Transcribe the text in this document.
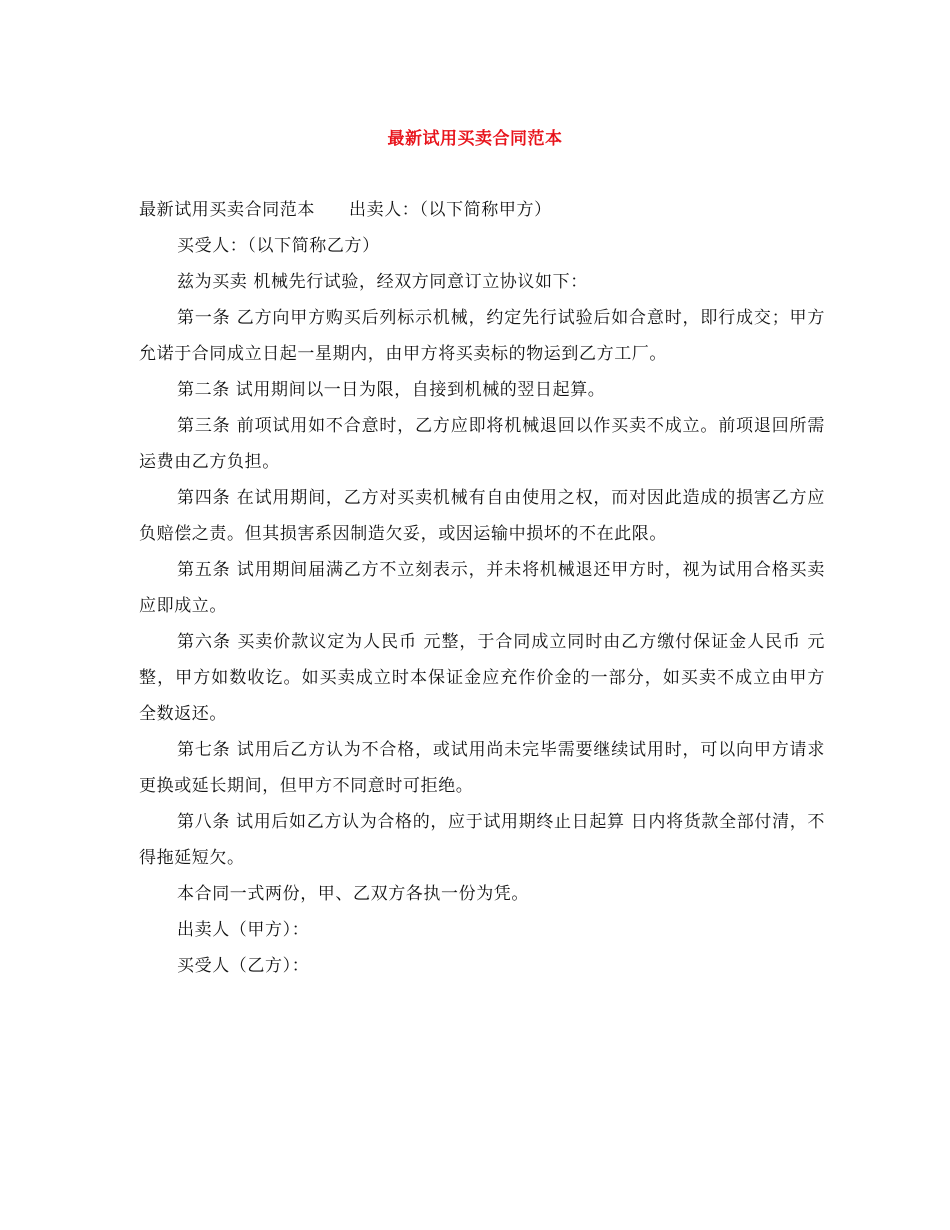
最新试用买卖合同范本

最新试用买卖合同范本 出卖人：（以下简称甲方）

买受人：（以下简称乙方）

兹为买卖 机械先行试验，经双方同意订立协议如下：

第一条 乙方向甲方购买后列标示机械，约定先行试验后如合意时，即行成交；甲方允诺于合同成立日起一星期内，由甲方将买卖标的物运到乙方工厂。

第二条 试用期间以一日为限，自接到机械的翌日起算。

第三条 前项试用如不合意时，乙方应即将机械退回以作买卖不成立。前项退回所需运费由乙方负担。

第四条 在试用期间，乙方对买卖机械有自由使用之权，而对因此造成的损害乙方应负赔偿之责。但其损害系因制造欠妥，或因运输中损坏的不在此限。

第五条 试用期间届满乙方不立刻表示，并未将机械退还甲方时，视为试用合格买卖应即成立。

第六条 买卖价款议定为人民币 元整，于合同成立同时由乙方缴付保证金人民币 元整，甲方如数收讫。如买卖成立时本保证金应充作价金的一部分，如买卖不成立由甲方全数返还。

第七条 试用后乙方认为不合格，或试用尚未完毕需要继续试用时，可以向甲方请求更换或延长期间，但甲方不同意时可拒绝。

第八条 试用后如乙方认为合格的，应于试用期终止日起算 日内将货款全部付清，不得拖延短欠。

本合同一式两份，甲、乙双方各执一份为凭。

出卖人（甲方）：

买受人（乙方）：
